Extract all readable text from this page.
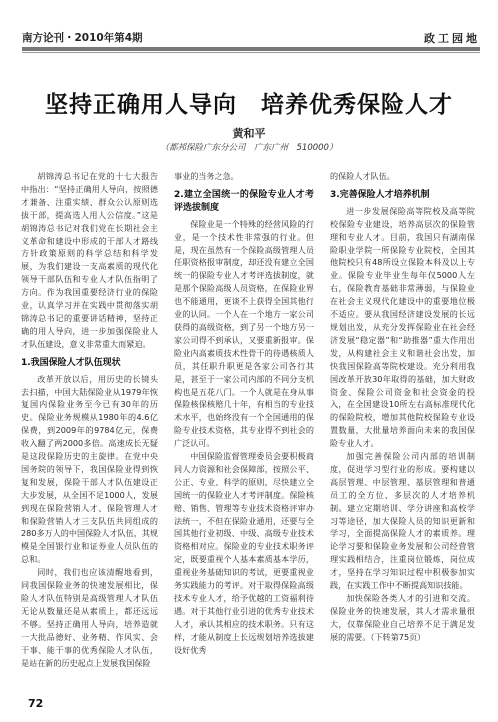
南方论刊・2010年第4期	政工园地
坚持正确用人导向　培养优秀保险人才
黄和平
（都邦保险广东分公司　广东广州　510000）

胡锦涛总书记在党的十七大报告中指出：“坚持正确用人导向，按照德才兼备、注重实绩、群众公认原则选拔干部，提高选人用人公信度。”这是胡锦涛总书记对我们党在长期社会主义革命和建设中形成的干部人才路线方针政策原则的科学总结和科学发展，为我们建设一支高素质的现代化领导干部队伍和专业人才队伍指明了方向。作为我国重要经济行业的保险业，认真学习并在实践中贯彻落实胡锦涛总书记的重要讲话精神，坚持正确的用人导向，进一步加强保险业人才队伍建设，意义非常重大而紧迫。

1.我国保险人才队伍现状

改革开放以后，用历史的长镜头去扫描，中国大陆保险业从1979年恢复国内保险业务至今已有30年的历史。保险业务规模从1980年的4.6亿保费，到2009年的9784亿元，保费收入翻了两2000多倍。高速成长无疑是这段保险历史的主旋律。在党中央国务院的领导下，我国保险业得到恢复和发展，保险干部人才队伍建设正大步发展，从全国不足1000人，发展到现在保险营销人才、保险管理人才和保险营销人才三支队伍共同组成的280多万人的中国保险人才队伍，其规模是全国银行业和证券业人员队伍的总和。

同时，我们也应该清醒地看到，同我国保险业务的快速发展相比，保险人才队伍特别是高级管理人才队伍无论从数量还是从素质上，都还远远不够。坚持正确用人导向，培养造就一大批品德好、业务精、作风实、会干事、能干事的优秀保险人才队伍，是站在新的历史起点上发展我国保险

事业的当务之急。

2.建立全国统一的保险专业人才考评选拔制度

保险业是一个特殊的经营风险的行业，是一个技术性非常强的行业。但是，现在虽然有一个保险高级管理人员任职资格报审制度，却还没有建立全国统一的保险专业人才考评选拔制度，就是那个保险高级人员资格，在保险业界也不能通用，更谈不上获得全国其他行业的认同。一个人在一个地方一家公司获得的高级资格，到了另一个地方另一家公司得不到承认，又要重新报审。保险业内高素质技术性骨干的待遇核质人员，其任职升职更是各家公司各行其是，甚至于一家公司内部的不同分支机构也是五花八门。一个人就是在身从事保险核保核赔几十年，有相当的专业技术水平，也始终没有一个全国通用的保险专业技术资格，其专业得不到社会的广泛认可。

中国保险监督管理委员会要积极商同人力资源和社会保障部，按照公平、公正、专业、科学的原则，尽快建立全国统一的保险业人才考评制度。保险核赔、销售、管理等专业技术资格评审办法统一，不但在保险业通用，还要与全国其他行业初级、中级、高级专业技术资格相对应。保险业的专业技术职务评定，既要重视个人基本素质基本学历，重视业务基础知识的考试，更要重视业务实践能力的考评。对于取得保险高级技术专业人才，给予优越的工资福利待遇。对于其他行业引进的优秀专业技术人才，承认其相应的技术职务。只有这样，才能从制度上长远规划培养选拔建设好优秀

的保险人才队伍。

3.完善保险人才培养机制

进一步发展保险高等院校及高等院校保险专业建设，培养高层次的保险管理和专业人才。目前，我国只有湖南保险职业学院一所保险专业院校，全国其他院校只有48所设立保险本科及以上专业。保险专业毕业生每年仅5000人左右，保险教育基础非常薄弱，与保险业在社会主义现代化建设中的重要地位极不适应。要从我国经济建设发展的长远规划出发，从充分发挥保险业在社会经济发展“稳定器”和“助推器”重大作用出发，从构建社会主义和谐社会出发，加快我国保险高等院校建设。充分利用我国改革开放30年取得的基础，加大财政资金、保险公司资金和社会资金的投入，在全国建设10所左右高标准现代化的保险院校，增加其他院校保险专业设置数量，大批量培养面向未来的我国保险专业人才。

加强完善保险公司内部的培训制度，促进学习型行业的形成。要构建以高层管理、中层管理、基层管理和普通员工的全方位、多层次的人才培养机制。建立定期培训、学分讲座和高校学习等途径，加大保险人员的知识更新和学习，全面提高保险人才的素质养。理论学习要和保险业务发展和公司经营管理实践相结合，注重岗位锻炼，岗位成才，坚持在学习知识过程中积极参加实践，在实践工作中不断提高知识技能。

加快保险各类人才的引进和交流。保险业务的快速发展，其人才需求量很大，仅靠保险业自己培养不足于满足发展的需要。（下转第75页）

72
